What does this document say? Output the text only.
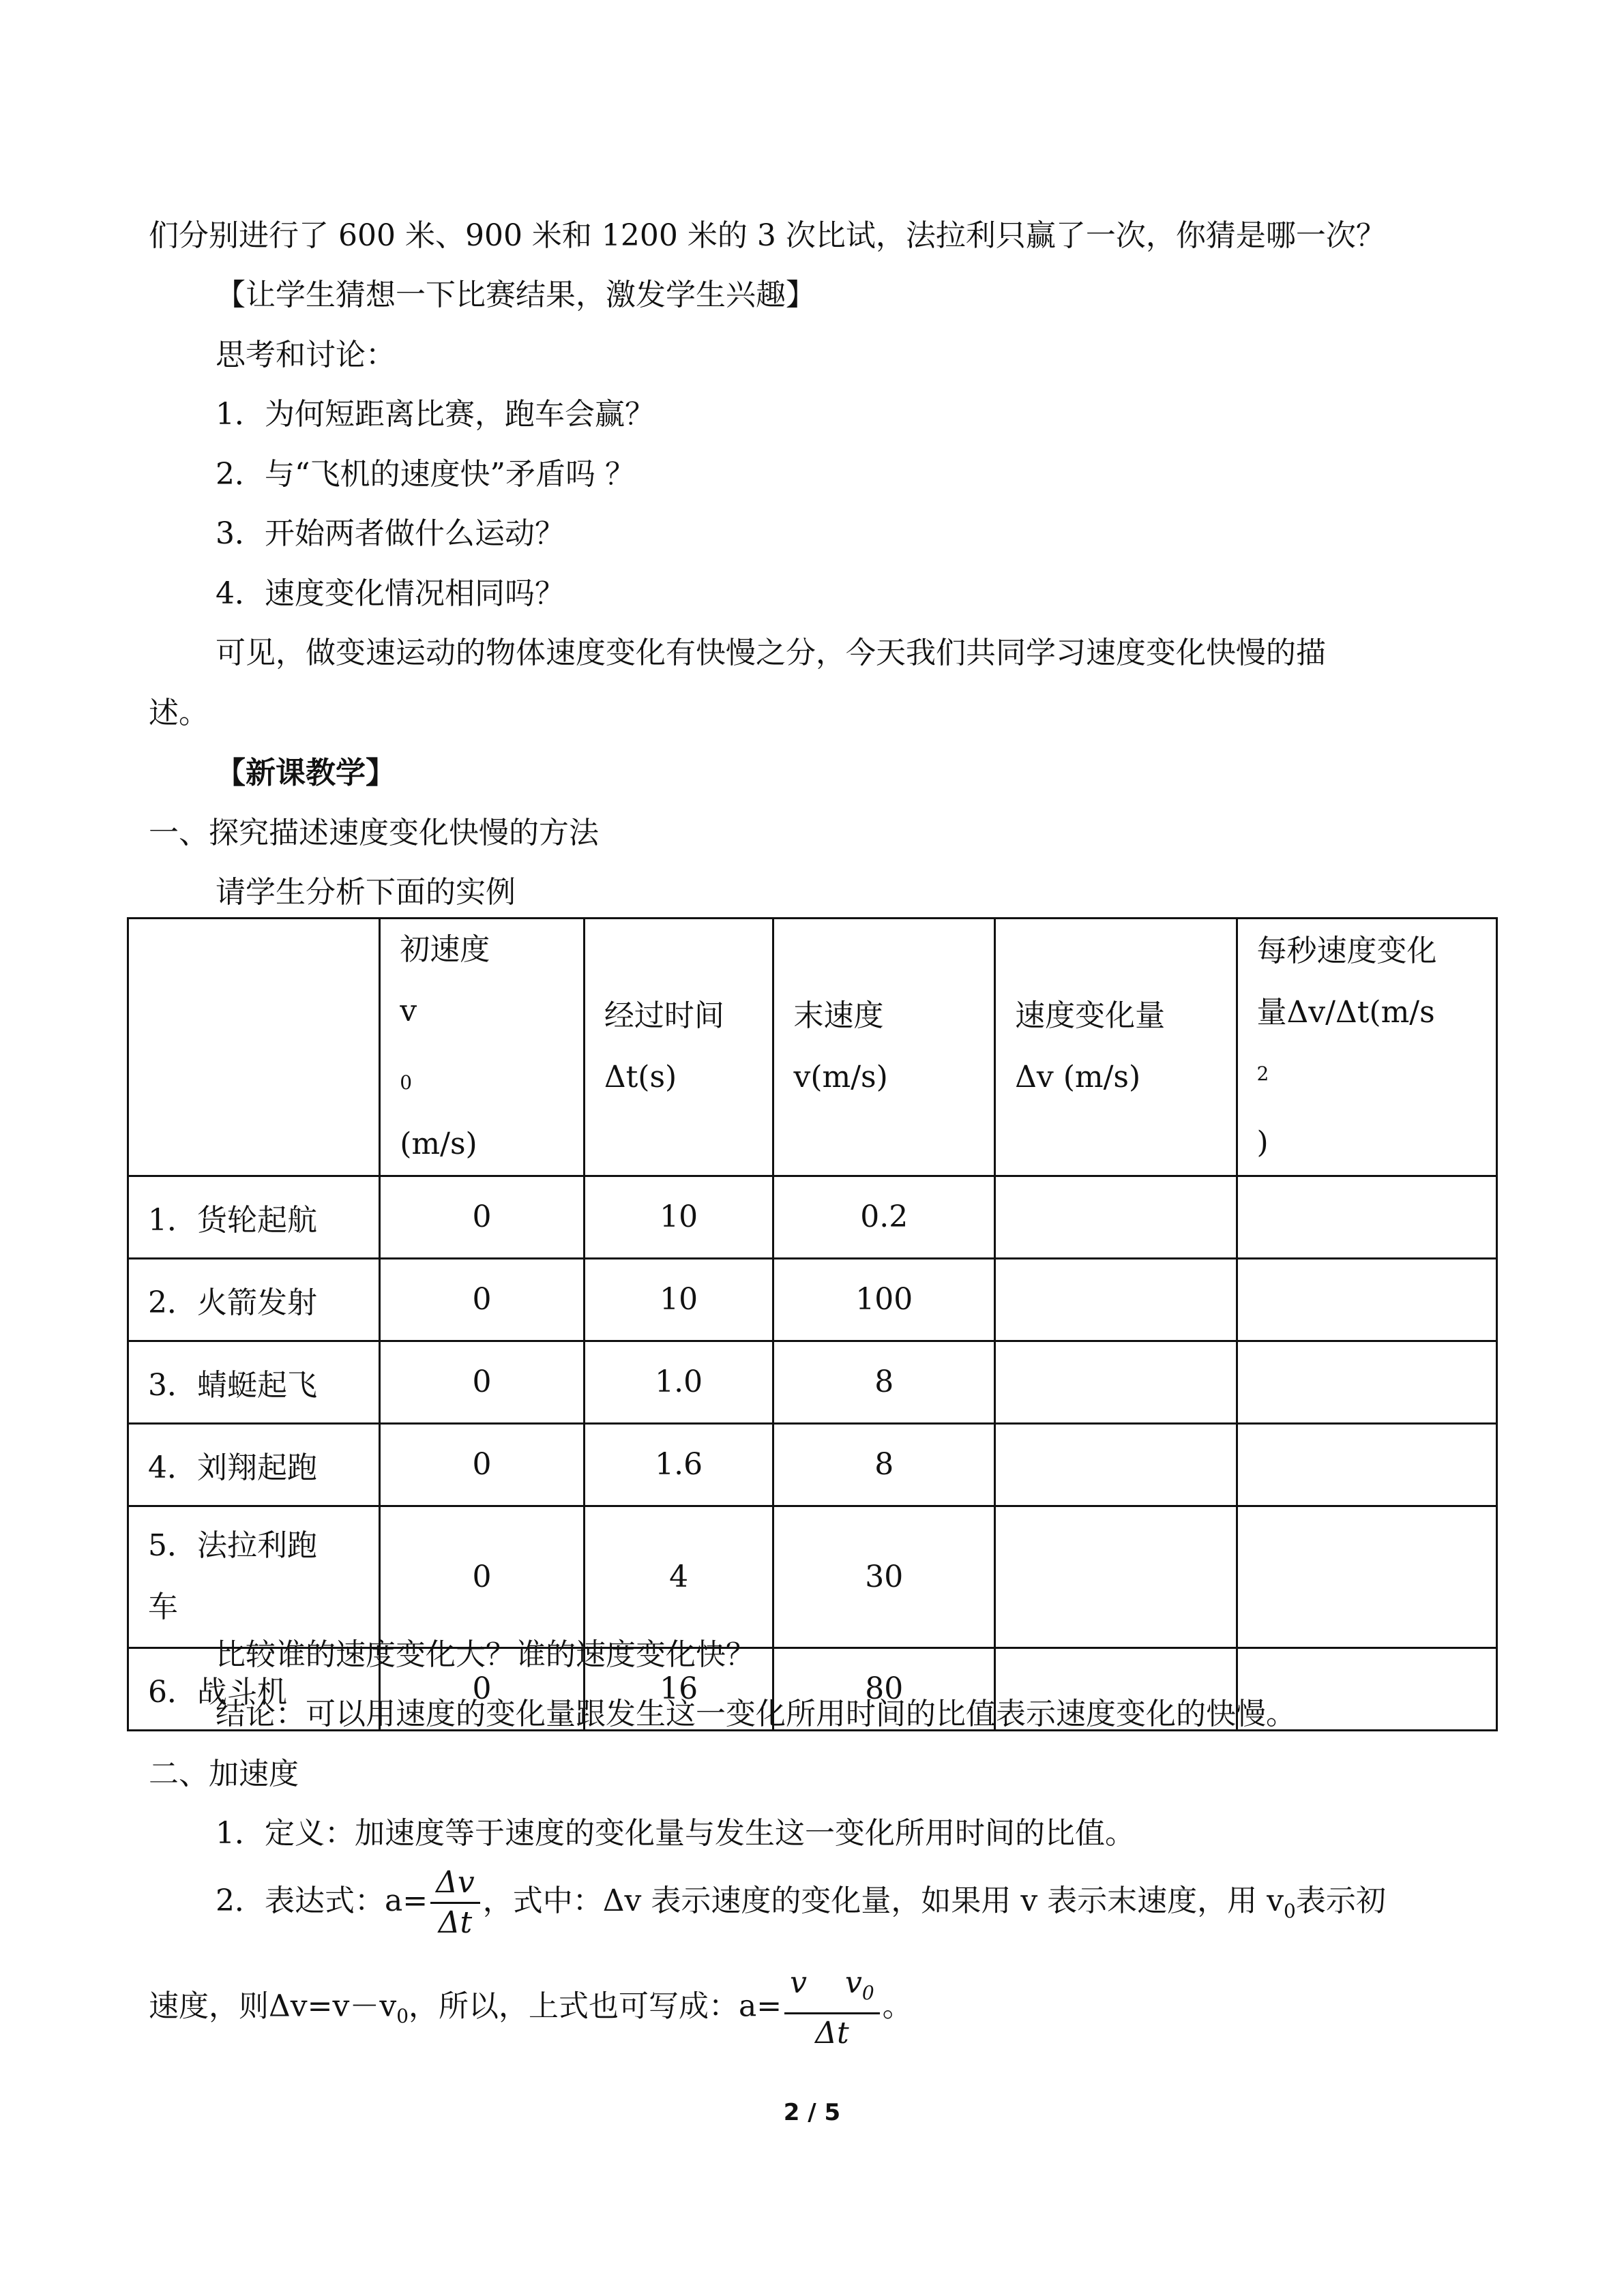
们分别进行了 600 米、900 米和 1200 米的 3 次比试，法拉利只赢了一次，你猜是哪一次？
【让学生猜想一下比赛结果，激发学生兴趣】
思考和讨论：
1．为何短距离比赛，跑车会赢？
2．与“飞机的速度快”矛盾吗 ？
3．开始两者做什么运动？
4．速度变化情况相同吗？
可见，做变速运动的物体速度变化有快慢之分，今天我们共同学习速度变化快慢的描
述。
【新课教学】
一、探究描述速度变化快慢的方法
请学生分析下面的实例

	初速度
v
$_0$
(m/s)	经过时间
Δt(s)	末速度
v(m/s)	速度变化量
Δv (m/s)	每秒速度变化
量Δv/Δt(m/s
$^2$
)

1．货轮起航	0	10	0.2		
2．火箭发射	0	10	100		
3．蜻蜓起飞	0	1.0	8		
4．刘翔起跑	0	1.6	8		

5．法拉利跑
车	0	4	30		
6．战斗机	0	16	80		
比较谁的速度变化大？谁的速度变化快？
结论：可以用速度的变化量跟发生这一变化所用时间的比值表示速度变化的快慢。
二、加速度
1．定义：加速度等于速度的变化量与发生这一变化所用时间的比值。
2．表达式：$a= \frac{\Delta v}{\Delta t}$ ，式中：Δv 表示速度的变化量，如果用 v 表示末速度，用 $v_0$表示初
速度，则$\Delta v=v-v_0$，所以，上式也可写成：$a= \frac{v v_0}{\Delta t}$ 。
2 / 5
